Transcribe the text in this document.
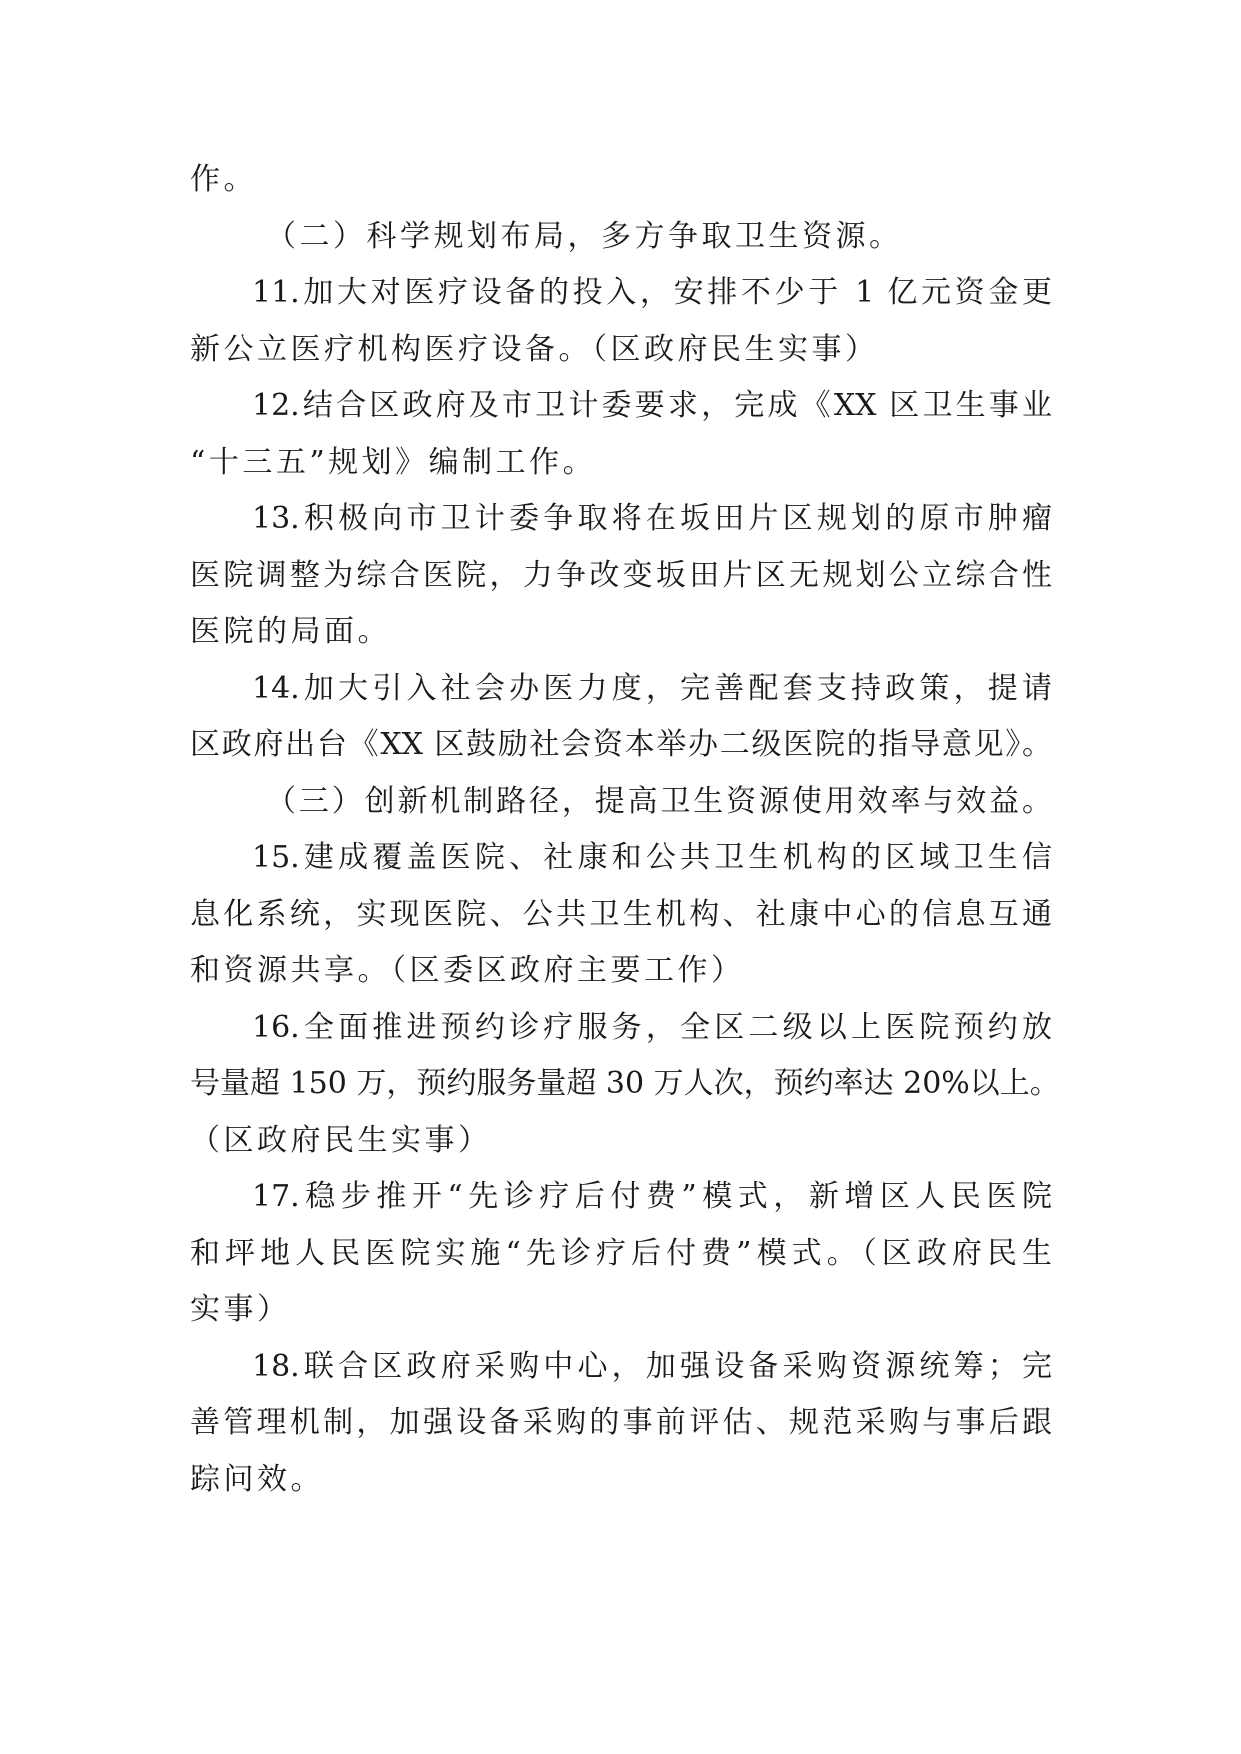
作。
（二）科学规划布局，多方争取卫生资源。
11.加大对医疗设备的投入，安排不少于 1 亿元资金更
新公立医疗机构医疗设备。（区政府民生实事）
12.结合区政府及市卫计委要求，完成《XX 区卫生事业
“十三五”规划》编制工作。
13.积极向市卫计委争取将在坂田片区规划的原市肿瘤
医院调整为综合医院，力争改变坂田片区无规划公立综合性
医院的局面。
14.加大引入社会办医力度，完善配套支持政策，提请
区政府出台《XX 区鼓励社会资本举办二级医院的指导意见》。
（三）创新机制路径，提高卫生资源使用效率与效益。
15.建成覆盖医院、社康和公共卫生机构的区域卫生信
息化系统，实现医院、公共卫生机构、社康中心的信息互通
和资源共享。（区委区政府主要工作）
16.全面推进预约诊疗服务，全区二级以上医院预约放
号量超 150 万，预约服务量超 30 万人次，预约率达 20%以上。
（区政府民生实事）
17.稳步推开“先诊疗后付费”模式，新增区人民医院
和坪地人民医院实施“先诊疗后付费”模式。（区政府民生
实事）
18.联合区政府采购中心，加强设备采购资源统筹；完
善管理机制，加强设备采购的事前评估、规范采购与事后跟
踪问效。
